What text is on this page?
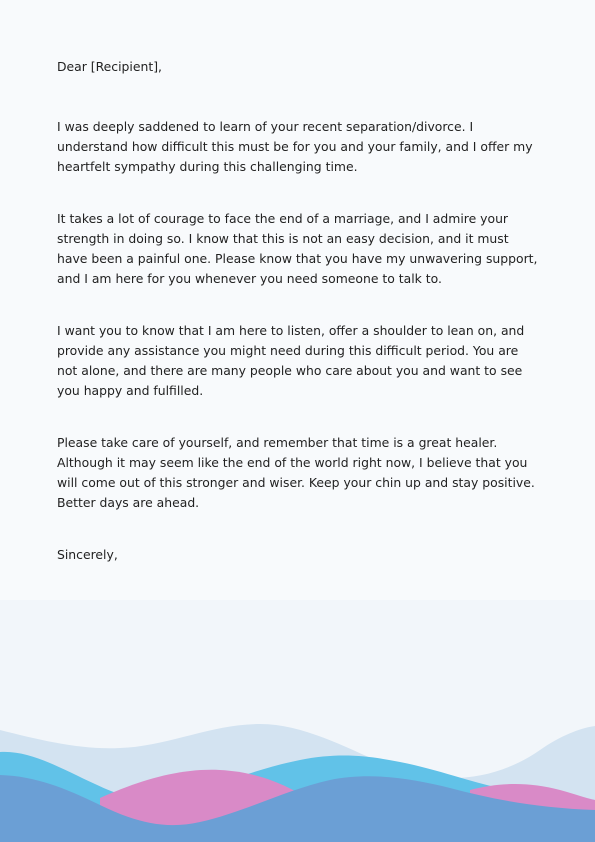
Dear [Recipient],

I was deeply saddened to learn of your recent separation/divorce. I understand how difficult this must be for you and your family, and I offer my heartfelt sympathy during this challenging time.

It takes a lot of courage to face the end of a marriage, and I admire your strength in doing so. I know that this is not an easy decision, and it must have been a painful one. Please know that you have my unwavering support, and I am here for you whenever you need someone to talk to.

I want you to know that I am here to listen, offer a shoulder to lean on, and provide any assistance you might need during this difficult period. You are not alone, and there are many people who care about you and want to see you happy and fulfilled.

Please take care of yourself, and remember that time is a great healer. Although it may seem like the end of the world right now, I believe that you will come out of this stronger and wiser. Keep your chin up and stay positive. Better days are ahead.

Sincerely,
